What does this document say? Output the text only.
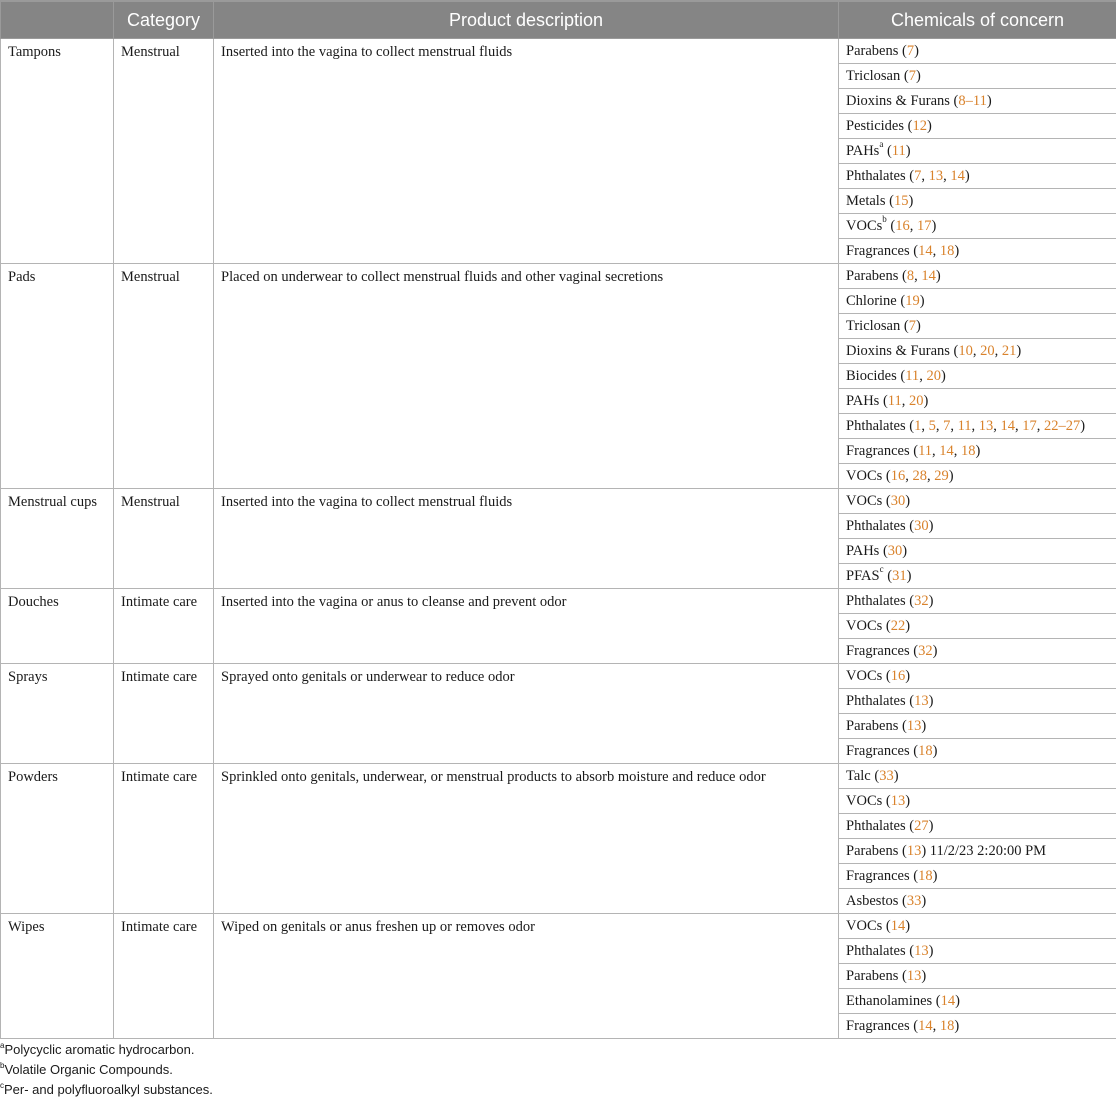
	Category	Product description	Chemicals of concern
Tampons	Menstrual	Inserted into the vagina to collect menstrual fluids	Parabens (7)
			Triclosan (7)
			Dioxins & Furans (8–11)
			Pesticides (12)
			PAHs$^a$ (11)
			Phthalates (7, 13, 14)
			Metals (15)
			VOCs$^b$ (16, 17)
			Fragrances (14, 18)
Pads	Menstrual	Placed on underwear to collect menstrual fluids and other vaginal secretions	Parabens (8, 14)
			Chlorine (19)
			Triclosan (7)
			Dioxins & Furans (10, 20, 21)
			Biocides (11, 20)
			PAHs (11, 20)
			Phthalates (1, 5, 7, 11, 13, 14, 17, 22–27)
			Fragrances (11, 14, 18)
			VOCs (16, 28, 29)
Menstrual cups	Menstrual	Inserted into the vagina to collect menstrual fluids	VOCs (30)
			Phthalates (30)
			PAHs (30)
			PFAS$^c$ (31)
Douches	Intimate care	Inserted into the vagina or anus to cleanse and prevent odor	Phthalates (32)
			VOCs (22)
			Fragrances (32)
Sprays	Intimate care	Sprayed onto genitals or underwear to reduce odor	VOCs (16)
			Phthalates (13)
			Parabens (13)
			Fragrances (18)
Powders	Intimate care	Sprinkled onto genitals, underwear, or menstrual products to absorb moisture and reduce odor	Talc (33)
			VOCs (13)
			Phthalates (27)
			Parabens (13) 11/2/23 2:20:00 PM
			Fragrances (18)
			Asbestos (33)
Wipes	Intimate care	Wiped on genitals or anus freshen up or removes odor	VOCs (14)
			Phthalates (13)
			Parabens (13)
			Ethanolamines (14)
			Fragrances (14, 18)
$^a$Polycyclic aromatic hydrocarbon.
$^b$Volatile Organic Compounds.
$^c$Per- and polyfluoroalkyl substances.
